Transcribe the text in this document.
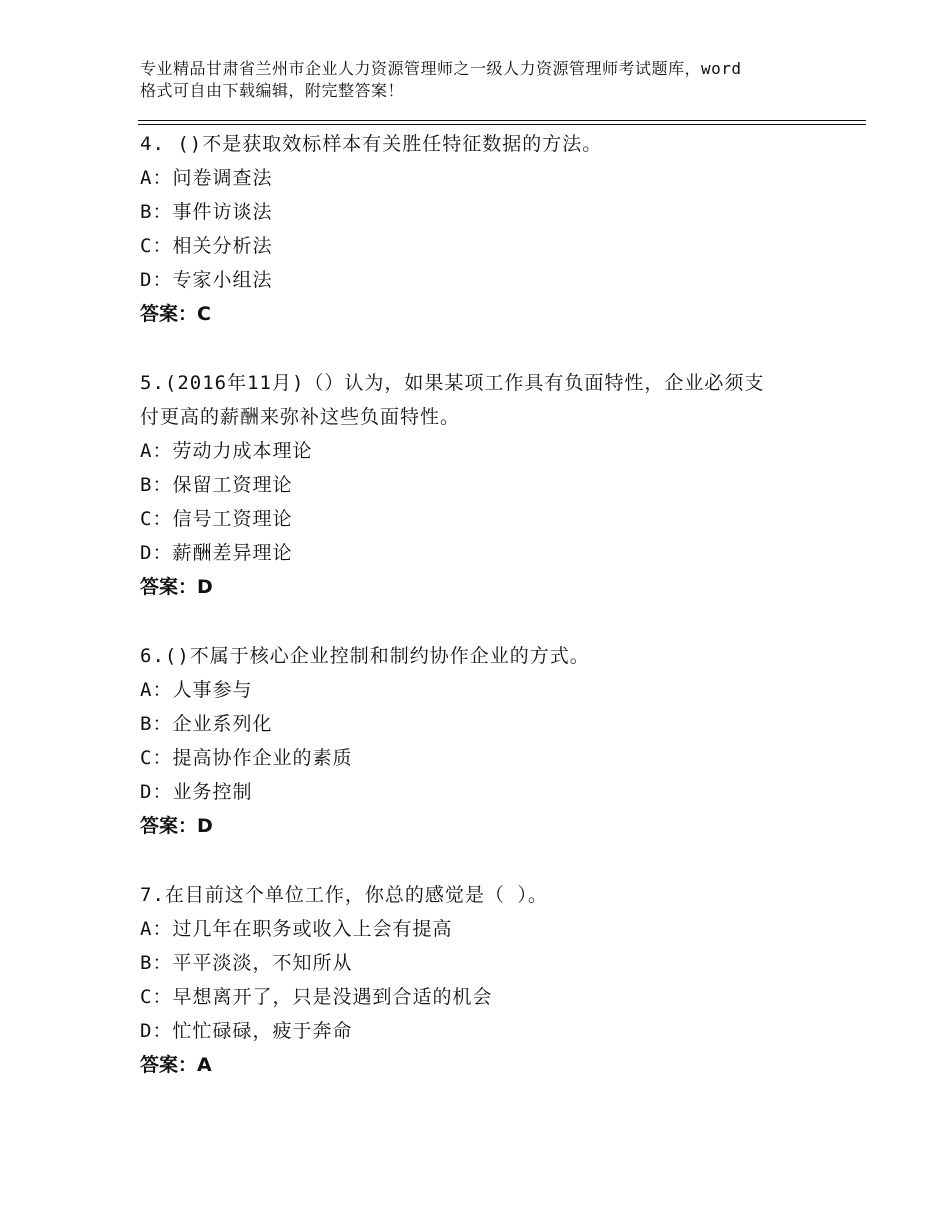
专业精品甘肃省兰州市企业人力资源管理师之一级人力资源管理师考试题库，word
格式可自由下载编辑，附完整答案！
4. ()不是获取效标样本有关胜任特征数据的方法。
A：问卷调查法
B：事件访谈法
C：相关分析法
D：专家小组法
答案：C
5.(2016年11月)（）认为，如果某项工作具有负面特性，企业必须支
付更高的薪酬来弥补这些负面特性。
A：劳动力成本理论
B：保留工资理论
C：信号工资理论
D：薪酬差异理论
答案：D
6.()不属于核心企业控制和制约协作企业的方式。
A：人事参与
B：企业系列化
C：提高协作企业的素质
D：业务控制
答案：D
7.在目前这个单位工作，你总的感觉是（ ）。
A：过几年在职务或收入上会有提高
B：平平淡淡，不知所从
C：早想离开了，只是没遇到合适的机会
D：忙忙碌碌，疲于奔命
答案：A
